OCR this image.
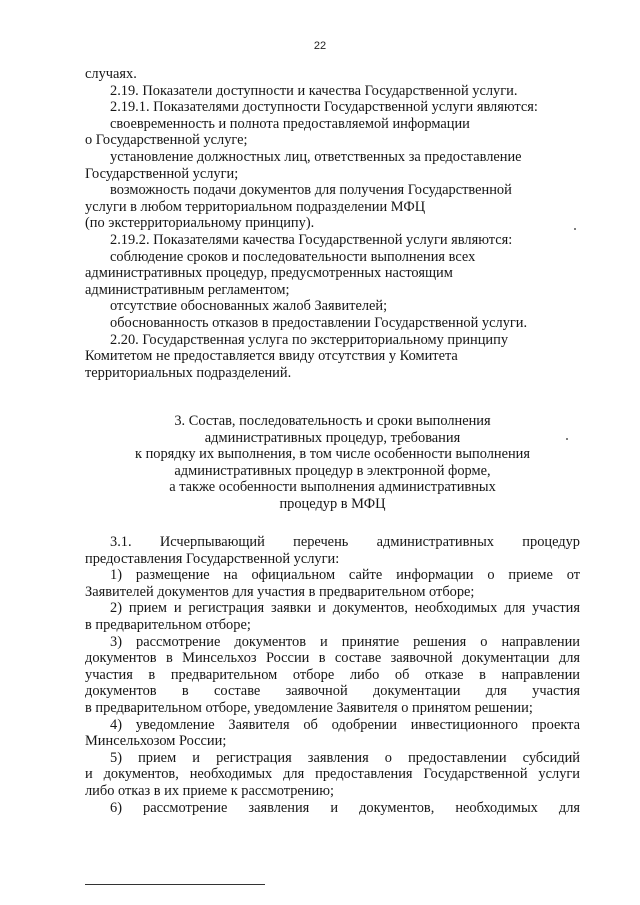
22

случаях.

2.19. Показатели доступности и качества Государственной услуги.

2.19.1. Показателями доступности Государственной услуги являются:

своевременность и полнота предоставляемой информации

о Государственной услуге;

установление должностных лиц, ответственных за предоставление

Государственной услуги;

возможность подачи документов для получения Государственной

услуги в любом территориальном подразделении МФЦ

(по экстерриториальному принципу).

2.19.2. Показателями качества Государственной услуги являются:

соблюдение сроков и последовательности выполнения всех

административных процедур, предусмотренных настоящим

административным регламентом;

отсутствие обоснованных жалоб Заявителей;

обоснованность отказов в предоставлении Государственной услуги.

2.20. Государственная услуга по экстерриториальному принципу

Комитетом не предоставляется ввиду отсутствия у Комитета

территориальных подразделений.

3. Состав, последовательность и сроки выполнения
административных процедур, требования
к порядку их выполнения, в том числе особенности выполнения
административных процедур в электронной форме,
а также особенности выполнения административных
процедур в МФЦ

3.1. Исчерпывающий перечень административных процедур

предоставления Государственной услуги:

1) размещение на официальном сайте информации о приеме от

Заявителей документов для участия в предварительном отборе;

2) прием и регистрация заявки и документов, необходимых для участия

в предварительном отборе;

3) рассмотрение документов и принятие решения о направлении

документов в Минсельхоз России в составе заявочной документации для

участия в предварительном отборе либо об отказе в направлении

документов в составе заявочной документации для участия

в предварительном отборе, уведомление Заявителя о принятом решении;

4) уведомление Заявителя об одобрении инвестиционного проекта

Минсельхозом России;

5) прием и регистрация заявления о предоставлении субсидий

и документов, необходимых для предоставления Государственной услуги

либо отказ в их приеме к рассмотрению;

6) рассмотрение заявления и документов, необходимых для
